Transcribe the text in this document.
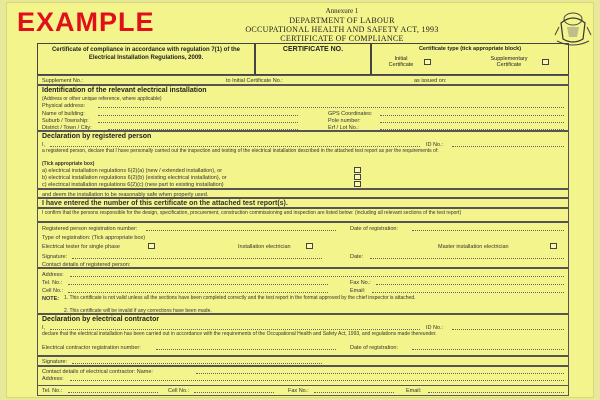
EXAMPLE	Annexure 1
DEPARTMENT OF LABOUR
OCCUPATIONAL HEALTH AND SAFETY ACT, 1993
CERTIFICATE OF COMPLIANCE
Certificate of compliance in accordance with regulation 7(1) of the Electrical Installation Regulations, 2009.
CERTIFICATE NO.	Certificate type (tick appropriate block)
Initial Certificate
Supplementary Certificate
Supplement No.:	to Initial Certificate No.:	as issued on:
Identification of the relevant electrical installation
(Address or other unique reference, where applicable)
Physical address:
Name of building:	GPS Coordinates:
Suburb / Township:	Pole number:
District / Town / City:	Erf / Lot No.:
Declaration by registered person
I,	ID No.:
a registered person, declare that I have personally carried out the inspection and testing of the electrical installation described in the attached test report as per the requirements of:
(Tick appropriate box)
a) electrical installation regulations 6(2)(a) (new / extended installation), or
b) electrical installation regulations 6(2)(b) (existing electrical installation), or
c) electrical installation regulations 6(2)(c) (new part to existing installation)
and deem the installation to be reasonably safe when properly used.
I have entered the number of this certificate on the attached test report(s).
I confirm that the persons responsible for the design, specification, procurement, construction commissioning and inspection are listed below: (including all relevant sections of the test report)
Registered person registration number:	Date of registration:
Type of registration: (Tick appropriate box)
Electrical tester for single phase	Installation electrician	Master installation electrician
Signature:	Date:
Contact details of registered person:
Address:
Tel. No.:	Fax No.:
Cell No.:	Email:
NOTE: 1. This certificate is not valid unless all the sections have been completed correctly and the test report in the format approved by the chief inspector is attached.
2. This certificate will be invalid if any corrections have been made.
Declaration by electrical contractor
I,	ID No.:
declare that the electrical installation has been carried out in accordance with the requirements of the Occupational Health and Safety Act, 1993, and regulations made thereunder.
Electrical contractor registration number:	Date of registration:
Signature:
Contact details of electrical contractor: Name:
Address:
Tel. No.:	Cell No.:	Fax No.:	Email:
